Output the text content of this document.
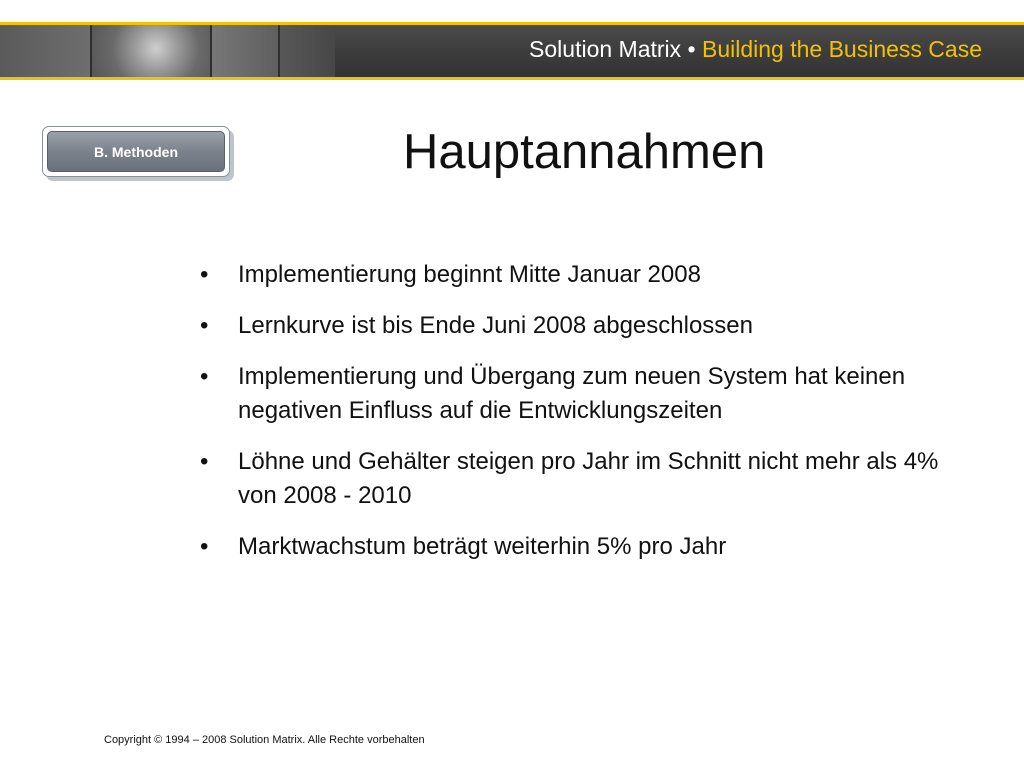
Solution Matrix • Building the Business Case
B. Methoden	Hauptannahmen
• Implementierung beginnt Mitte Januar 2008
• Lernkurve ist bis Ende Juni 2008 abgeschlossen
• Implementierung und Übergang zum neuen System hat keinen negativen Einfluss auf die Entwicklungszeiten
• Löhne und Gehälter steigen pro Jahr im Schnitt nicht mehr als 4% von 2008 - 2010
• Marktwachstum beträgt weiterhin 5% pro Jahr
Copyright © 1994 – 2008 Solution Matrix. Alle Rechte vorbehalten
